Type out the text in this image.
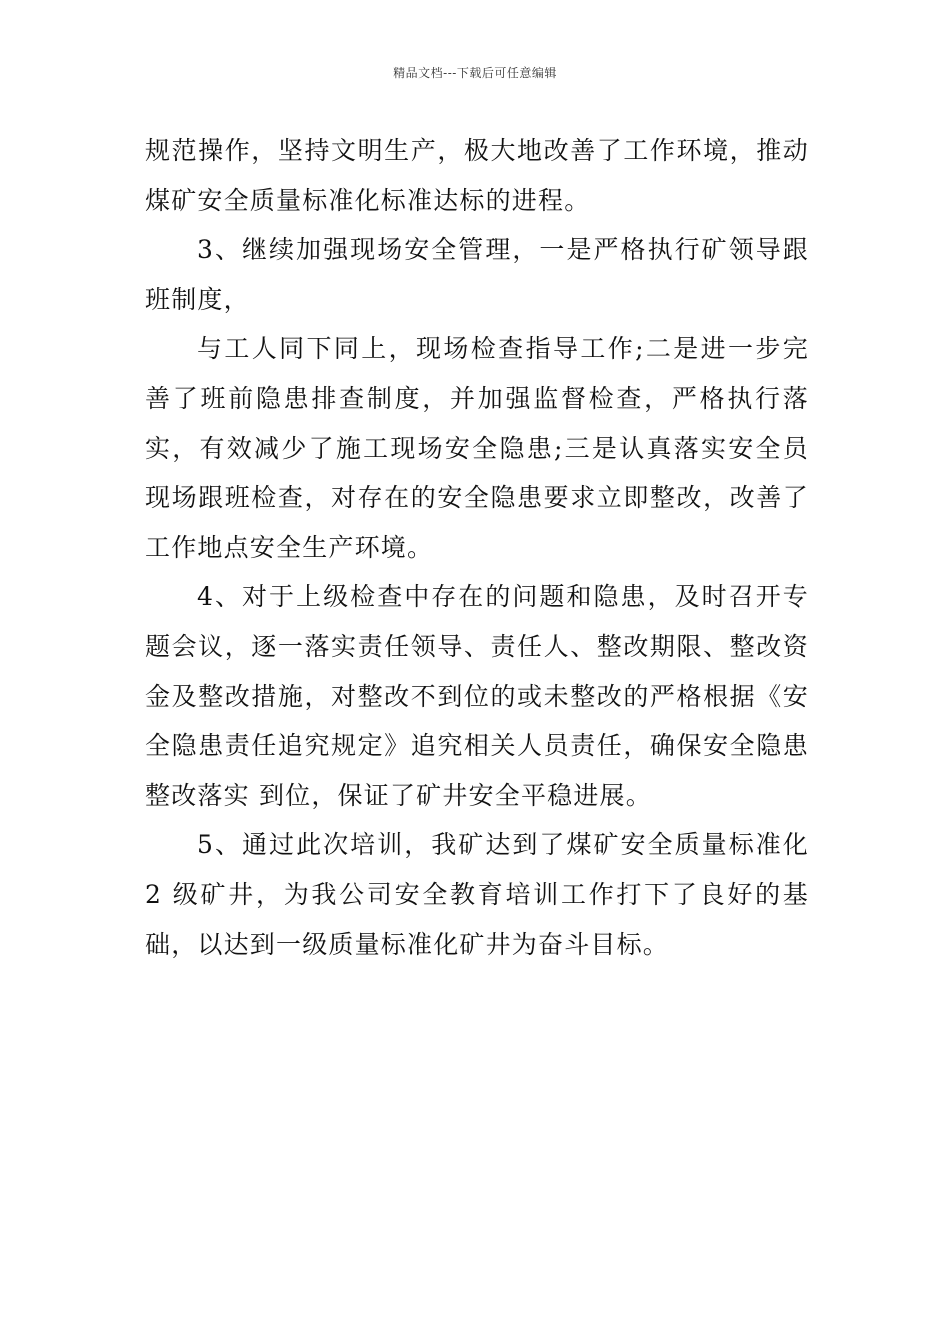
精品文档---下载后可任意编辑

规范操作，坚持文明生产，极大地改善了工作环境，推动煤矿安全质量标准化标准达标的进程。

3、继续加强现场安全管理，一是严格执行矿领导跟班制度，

与工人同下同上，现场检查指导工作;二是进一步完善了班前隐患排查制度，并加强监督检查，严格执行落实，有效减少了施工现场安全隐患;三是认真落实安全员现场跟班检查，对存在的安全隐患要求立即整改，改善了工作地点安全生产环境。

4、对于上级检查中存在的问题和隐患，及时召开专题会议，逐一落实责任领导、责任人、整改期限、整改资金及整改措施，对整改不到位的或未整改的严格根据《安全隐患责任追究规定》追究相关人员责任，确保安全隐患整改落实 到位，保证了矿井安全平稳进展。

5、通过此次培训，我矿达到了煤矿安全质量标准化 2 级矿井，为我公司安全教育培训工作打下了良好的基础，以达到一级质量标准化矿井为奋斗目标。
